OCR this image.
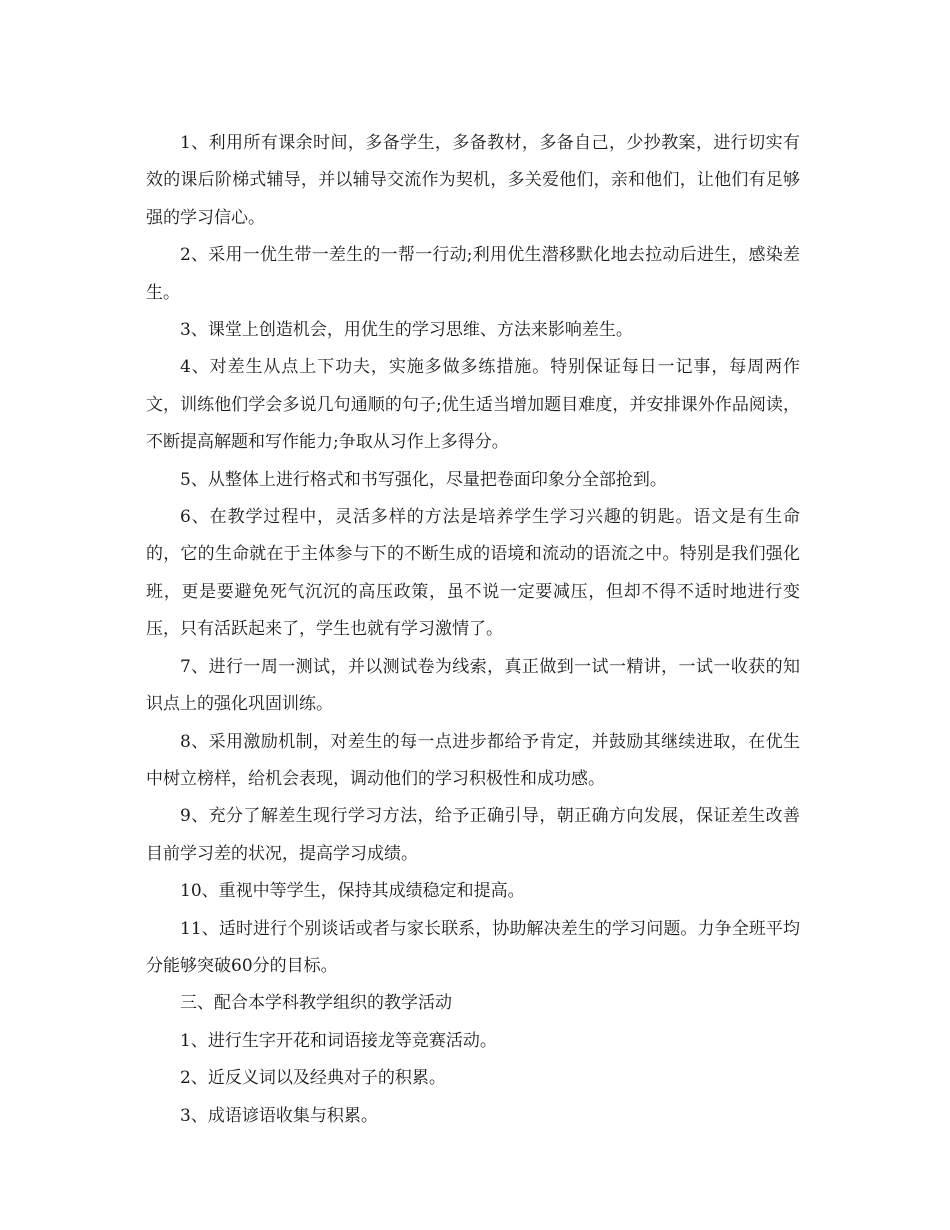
1、利用所有课余时间，多备学生，多备教材，多备自己，少抄教案，进行切实有效的课后阶梯式辅导，并以辅导交流作为契机，多关爱他们，亲和他们，让他们有足够强的学习信心。

2、采用一优生带一差生的一帮一行动;利用优生潜移默化地去拉动后进生，感染差生。

3、课堂上创造机会，用优生的学习思维、方法来影响差生。

4、对差生从点上下功夫，实施多做多练措施。特别保证每日一记事，每周两作文，训练他们学会多说几句通顺的句子;优生适当增加题目难度，并安排课外作品阅读，不断提高解题和写作能力;争取从习作上多得分。

5、从整体上进行格式和书写强化，尽量把卷面印象分全部抢到。

6、在教学过程中，灵活多样的方法是培养学生学习兴趣的钥匙。语文是有生命的，它的生命就在于主体参与下的不断生成的语境和流动的语流之中。特别是我们强化班，更是要避免死气沉沉的高压政策，虽不说一定要减压，但却不得不适时地进行变压，只有活跃起来了，学生也就有学习激情了。

7、进行一周一测试，并以测试卷为线索，真正做到一试一精讲，一试一收获的知识点上的强化巩固训练。

8、采用激励机制，对差生的每一点进步都给予肯定，并鼓励其继续进取，在优生中树立榜样，给机会表现，调动他们的学习积极性和成功感。

9、充分了解差生现行学习方法，给予正确引导，朝正确方向发展，保证差生改善目前学习差的状况，提高学习成绩。

10、重视中等学生，保持其成绩稳定和提高。

11、适时进行个别谈话或者与家长联系，协助解决差生的学习问题。力争全班平均分能够突破60分的目标。

三、配合本学科教学组织的教学活动

1、进行生字开花和词语接龙等竞赛活动。

2、近反义词以及经典对子的积累。

3、成语谚语收集与积累。
